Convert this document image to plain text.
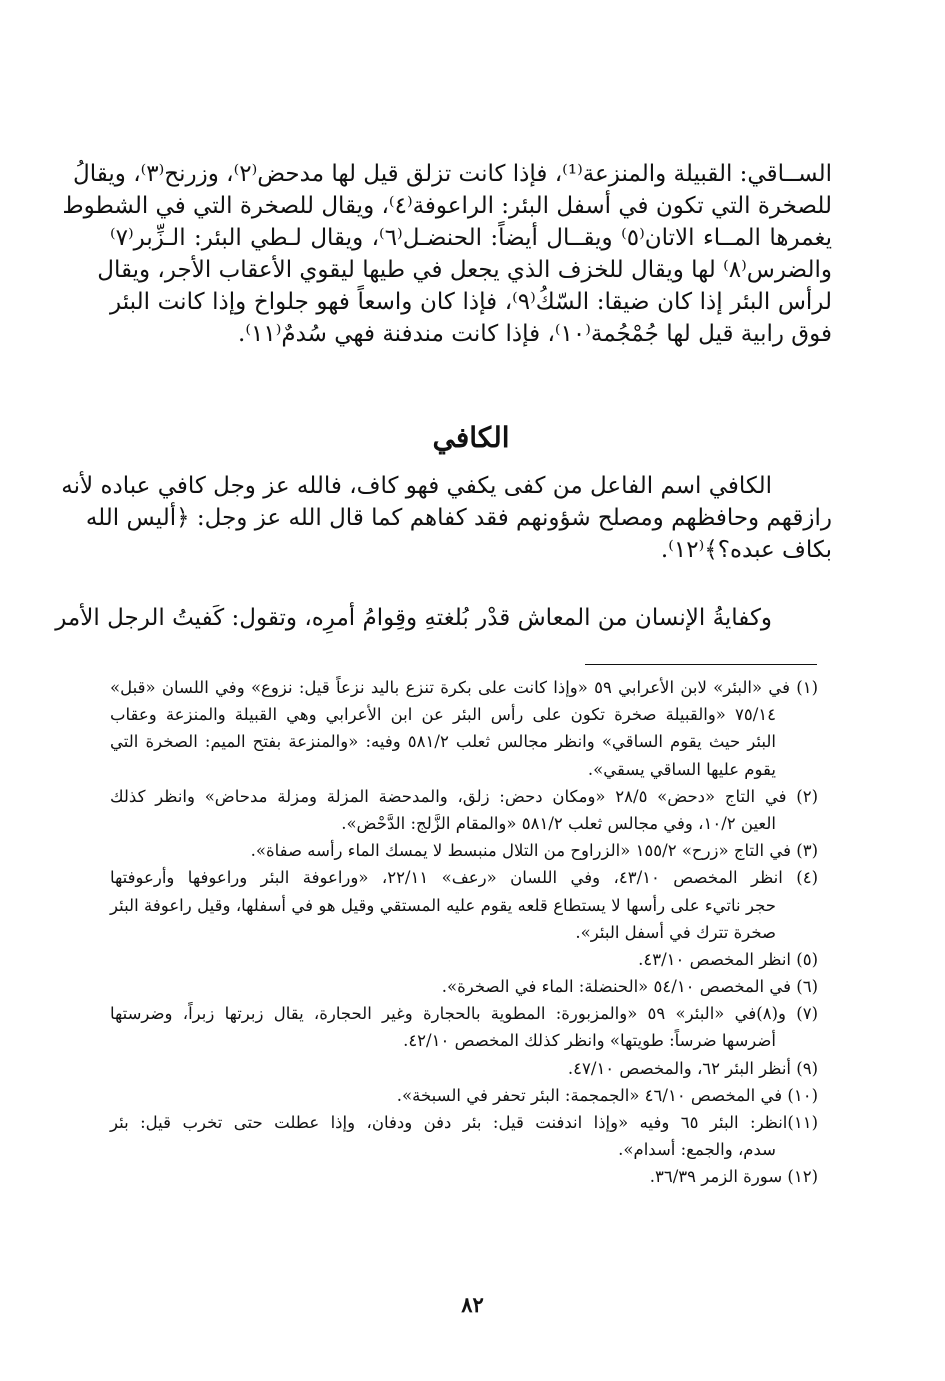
الســاقي: القبيلة والمنزعة⁽¹⁾، فإذا كانت تزلق قيل لها مدحض⁽٢⁾، وزرنح⁽٣⁾، ويقالُ
للصخرة التي تكون في أسفل البئر: الراعوفة⁽٤⁾، ويقال للصخرة التي في الشطوط
يغمرها المــاء الاتان⁽٥⁾ ويقــال أيضاً: الحنضـل⁽٦⁾، ويقال لـطي البئر: الـزِّبر⁽٧⁾
والضرس⁽٨⁾ لها ويقال للخزف الذي يجعل في طيها ليقوي الأعقاب الأجر، ويقال
لرأس البئر إذا كان ضيقا: السّكُ⁽٩⁾، فإذا كان واسعاً فهو جلواخ وإذا كانت البئر
فوق رابية قيل لها جُمْجُمة⁽١٠⁾، فإذا كانت مندفنة فهي سُدمٌ⁽١١⁾.
الكافي
الكافي اسم الفاعل من كفى يكفي فهو كاف، فالله عز وجل كافي عباده لأنه
رازقهم وحافظهم ومصلح شؤونهم فقد كفاهم كما قال الله عز وجل: ﴿أليس الله
بكاف عبده؟﴾⁽١٢⁾.
وكفايةُ الإنسان من المعاش قدْر بُلغتهِ وقِوامُ أمرِه، وتقول: كَفيتُ الرجل الأمر
(١) في «البئر» لابن الأعرابي ٥٩ «وإذا كانت على بكرة تنزع باليد نزعاً قيل: نزوع» وفي اللسان «قبل»
٧٥/١٤ «والقبيلة صخرة تكون على رأس البئر عن ابن الأعرابي وهي القبيلة والمنزعة وعقاب
البئر حيث يقوم الساقي» وانظر مجالس ثعلب ٥٨١/٢ وفيه: «والمنزعة بفتح الميم: الصخرة التي
يقوم عليها الساقي يسقي».
(٢) في التاج «دحض» ٢٨/٥ «ومكان دحض: زلق، والمدحضة المزلة ومزلة مدحاض» وانظر كذلك
العين ١٠/٢، وفي مجالس ثعلب ٥٨١/٢ «والمقام الزَّلج: الدَّحْض».
(٣) في التاج «زرح» ١٥٥/٢ «الزراوح من التلال منبسط لا يمسك الماء رأسه صفاة».
(٤) انظر المخصص ٤٣/١٠، وفي اللسان «رعف» ٢٢/١١، «وراعوفة البئر وراعوفها وأرعوفتها
حجر ناتيء على رأسها لا يستطاع قلعه يقوم عليه المستقي وقيل هو في أسفلها، وقيل راعوفة البئر
صخرة تترك في أسفل البئر».
(٥) انظر المخصص ٤٣/١٠.
(٦) في المخصص ٥٤/١٠ «الحنضلة: الماء في الصخرة».
(٧) و(٨)في «البئر» ٥٩ «والمزبورة: المطوية بالحجارة وغير الحجارة، يقال زبرتها زبراً، وضرستها
أضرسها ضرساً: طويتها» وانظر كذلك المخصص ٤٢/١٠.
(٩) أنظر البئر ٦٢، والمخصص ٤٧/١٠.
(١٠) في المخصص ٤٦/١٠ «الجمجمة: البئر تحفر في السبخة».
(١١)انظر: البئر ٦٥ وفيه «وإذا اندفنت قيل: بئر دفن ودفان، وإذا عطلت حتى تخرب قيل: بئر
سدم، والجمع: أسدام».
(١٢) سورة الزمر ٣٦/٣٩.
٨٢
